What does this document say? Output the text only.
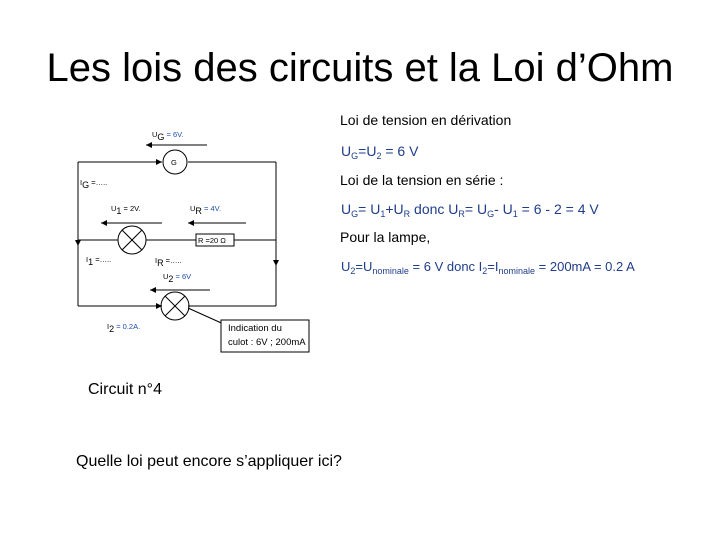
Les lois des circuits et la Loi d’Ohm
$U_G = 6V$.
G
$I_G$ =…..
$U_1 = 2V$.	$U_R = 4V$.
R =20 Ω
$I_1$ =…..	$I_R$ =…..
$U_2 = 6V$
$I_2 = 0.2A$.	Indication du
culot : 6V ; 200mA
Circuit n°4
Loi de tension en dérivation
$U_G=U_2 = 6$ V
Loi de la tension en série :
$U_G= U_1+U_R$ donc $U_R= U_G-$ $U_1 = 6 - 2 = 4$ V
Pour la lampe,
$U_2=U_{nominale} = 6$ V donc $I_2=I_{nominale} = 200mA = 0.2$ A
Quelle loi peut encore s’appliquer ici?
